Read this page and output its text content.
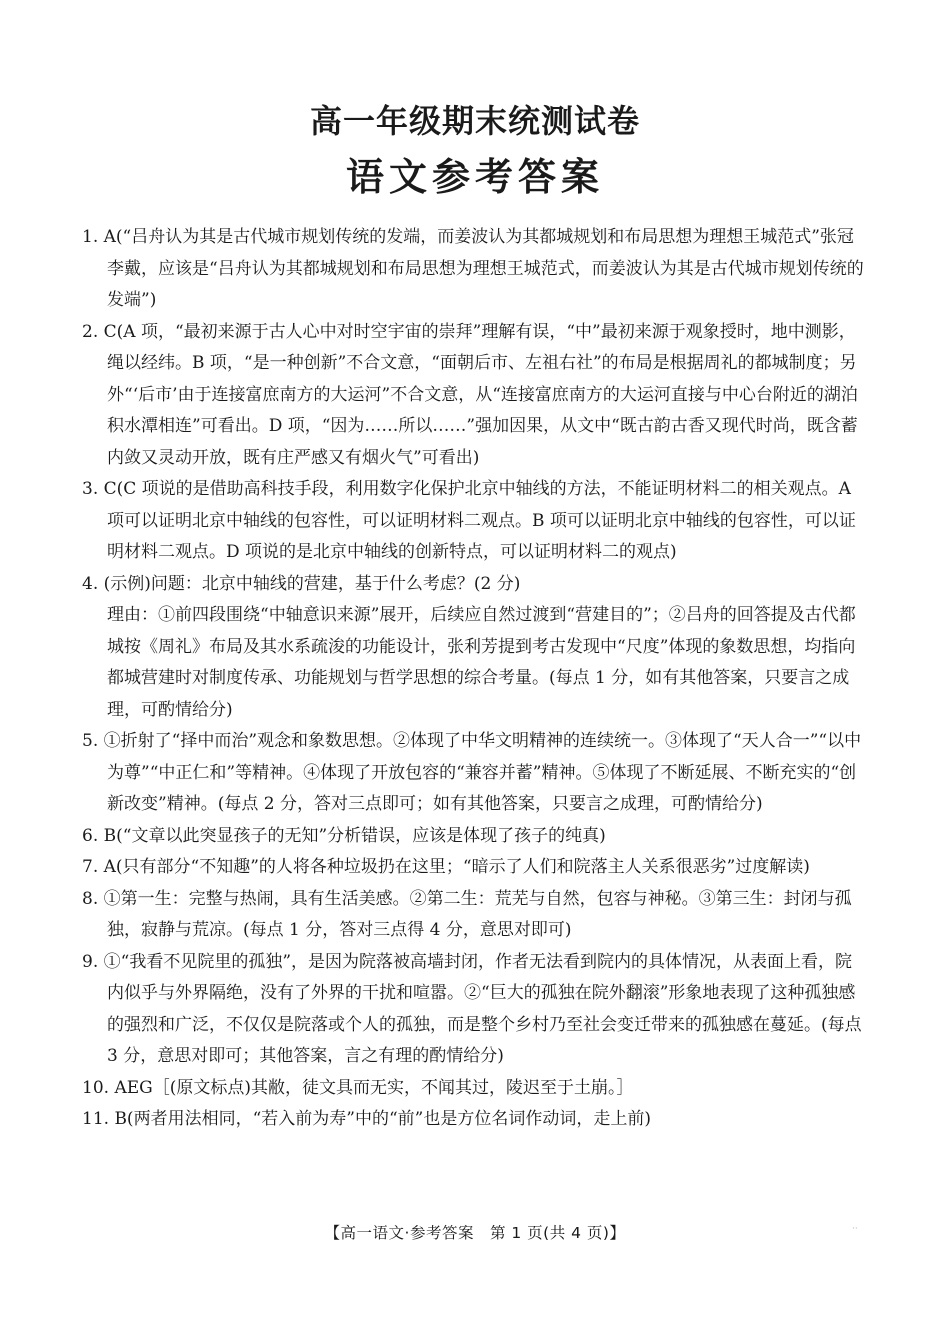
高一年级期末统测试卷
语文参考答案
1. A(“吕舟认为其是古代城市规划传统的发端，而姜波认为其都城规划和布局思想为理想王城范式”张冠李戴，应该是“吕舟认为其都城规划和布局思想为理想王城范式，而姜波认为其是古代城市规划传统的发端”)
2. C(A 项，“最初来源于古人心中对时空宇宙的崇拜”理解有误，“中”最初来源于观象授时，地中测影，绳以经纬。B 项，“是一种创新”不合文意，“面朝后市、左祖右社”的布局是根据周礼的都城制度；另外“‘后市’由于连接富庶南方的大运河”不合文意，从“连接富庶南方的大运河直接与中心台附近的湖泊积水潭相连”可看出。D 项，“因为……所以……”强加因果，从文中“既古韵古香又现代时尚，既含蓄内敛又灵动开放，既有庄严感又有烟火气”可看出)
3. C(C 项说的是借助高科技手段，利用数字化保护北京中轴线的方法，不能证明材料二的相关观点。A 项可以证明北京中轴线的包容性，可以证明材料二观点。B 项可以证明北京中轴线的包容性，可以证明材料二观点。D 项说的是北京中轴线的创新特点，可以证明材料二的观点)
4. (示例)问题：北京中轴线的营建，基于什么考虑？(2 分)
理由：①前四段围绕“中轴意识来源”展开，后续应自然过渡到“营建目的”；②吕舟的回答提及古代都城按《周礼》布局及其水系疏浚的功能设计，张利芳提到考古发现中“尺度”体现的象数思想，均指向都城营建时对制度传承、功能规划与哲学思想的综合考量。(每点 1 分，如有其他答案，只要言之成理，可酌情给分)
5. ①折射了“择中而治”观念和象数思想。②体现了中华文明精神的连续统一。③体现了“天人合一”“以中为尊”“中正仁和”等精神。④体现了开放包容的“兼容并蓄”精神。⑤体现了不断延展、不断充实的“创新改变”精神。(每点 2 分，答对三点即可；如有其他答案，只要言之成理，可酌情给分)
6. B(“文章以此突显孩子的无知”分析错误，应该是体现了孩子的纯真)
7. A(只有部分“不知趣”的人将各种垃圾扔在这里；“暗示了人们和院落主人关系很恶劣”过度解读)
8. ①第一生：完整与热闹，具有生活美感。②第二生：荒芜与自然，包容与神秘。③第三生：封闭与孤独，寂静与荒凉。(每点 1 分，答对三点得 4 分，意思对即可)
9. ①“我看不见院里的孤独”，是因为院落被高墙封闭，作者无法看到院内的具体情况，从表面上看，院内似乎与外界隔绝，没有了外界的干扰和喧嚣。②“巨大的孤独在院外翻滚”形象地表现了这种孤独感的强烈和广泛，不仅仅是院落或个人的孤独，而是整个乡村乃至社会变迁带来的孤独感在蔓延。(每点 3 分，意思对即可；其他答案，言之有理的酌情给分)
10. AEG［(原文标点)其敝，徒文具而无实，不闻其过，陵迟至于土崩。］
11. B(两者用法相同，“若入前为寿”中的“前”也是方位名词作动词，走上前)
【高一语文·参考答案　第 1 页(共 4 页)】	··
